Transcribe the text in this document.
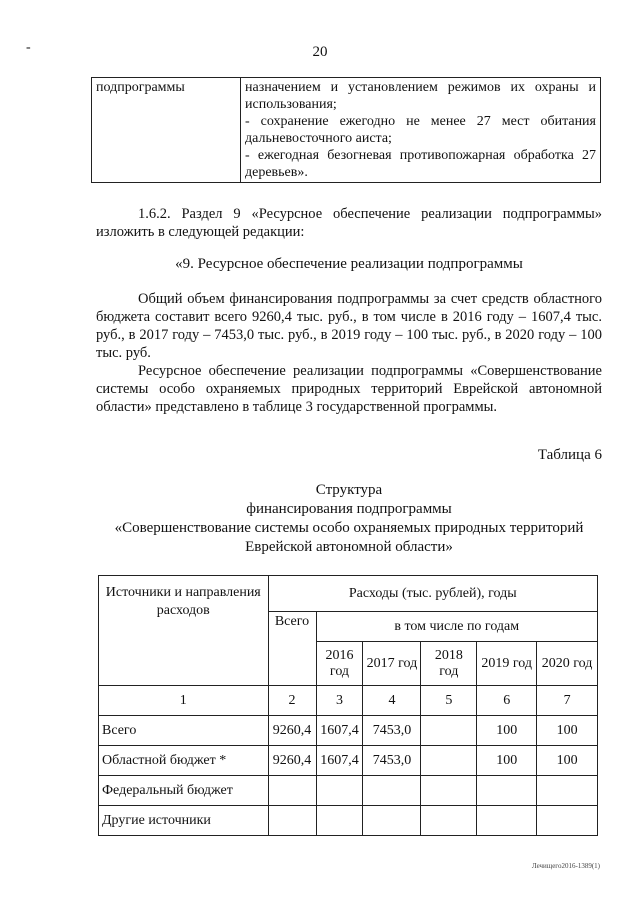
-	20
подпрограммы	назначением и установлением режимов их охраны и использования;
- сохранение ежегодно не менее 27 мест обитания дальневосточного аиста;
- ежегодная безогневая противопожарная обработка 27 деревьев».
1.6.2. Раздел 9 «Ресурсное обеспечение реализации подпрограммы» изложить в следующей редакции:
«9. Ресурсное обеспечение реализации подпрограммы
Общий объем финансирования подпрограммы за счет средств областного бюджета составит всего 9260,4 тыс. руб., в том числе в 2016 году – 1607,4 тыс. руб., в 2017 году – 7453,0 тыс. руб., в 2019 году – 100 тыс. руб., в 2020 году – 100 тыс. руб.
Ресурсное обеспечение реализации подпрограммы «Совершенствование системы особо охраняемых природных территорий Еврейской автономной области» представлено в таблице 3 государственной программы.
Таблица 6
Структура
финансирования подпрограммы
«Совершенствование системы особо охраняемых природных территорий
Еврейской автономной области»
Источники и направления расходов	Расходы (тыс. рублей), годы					
	Всего	в том числе по годам				
		2016 год	2017 год	2018 год	2019 год	2020 год
1	2	3	4	5	6	7
Всего	9260,4	1607,4	7453,0		100	100
Областной бюджет *	9260,4	1607,4	7453,0		100	100
Федеральный бюджет						
Другие источники						
Лечищего2016-1389(1)
